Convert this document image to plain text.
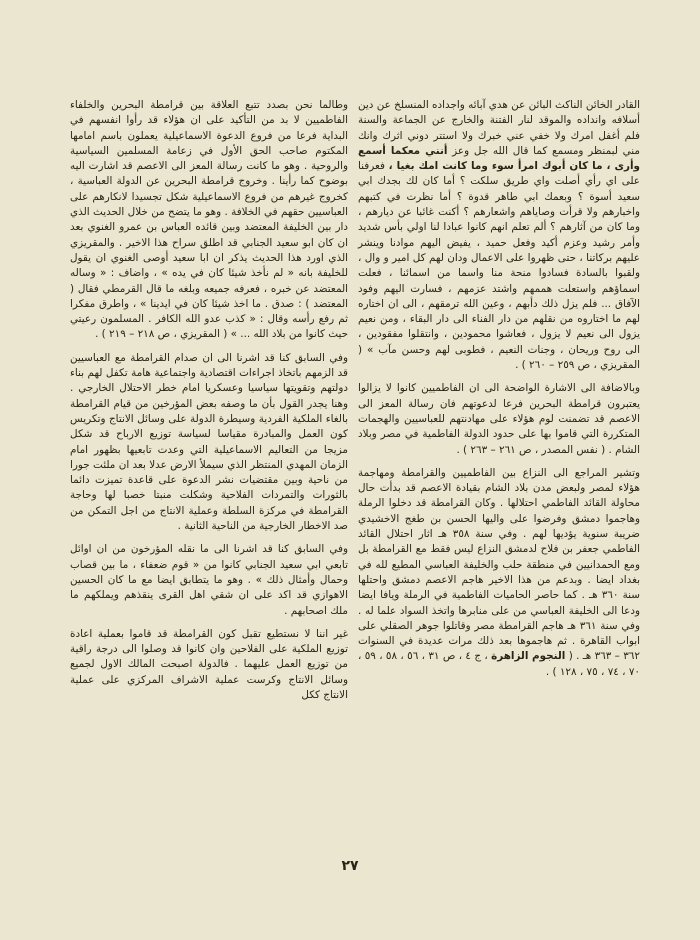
القادر الخائن الناكث البائن عن هدي آبائه واجداده المنسلخ عن دين أسلافه وانداده والموقد لنار الفتنة والخارج عن الجماعة والسنة فلم أغفل امرك ولا خفي عني خبرك ولا استتر دوني اثرك وانك مني لبمنظر ومسمع كما قال الله جل وعز أنني معكما أسمع وأرى ، ما كان أبوك امرأ سوء وما كانت امك بغيا ، فعرفنا على اي رأي أصلت واي طريق سلكت ؟ أما كان لك بجدك ابي سعيد أسوة ؟ وبعمك ابي طاهر قدوة ؟ أما نظرت في كتبهم واخبارهم ولا قرأت وصاياهم واشعارهم ؟ أكنت غائبا عن ديارهم ، وما كان من آثارهم ؟ ألم تعلم انهم كانوا عبادا لنا اولي بأس شديد وأمر رشيد وعزم أكيد وفعل حميد ، يفيض اليهم موادنا وينشر عليهم بركاتنا ، حتى ظهروا على الاعمال ودان لهم كل امير و وال ، ولقبوا بالسادة فسادوا منحة منا واسما من اسمائنا ، فعلت اسماؤهم واستعلت هممهم واشتد عزمهم ، فسارت اليهم وفود الآفاق ... فلم يزل ذلك دأبهم ، وعين الله ترمقهم ، الى ان اختاره لهم ما اختاروه من نقلهم من دار الفناء الى دار البقاء ، ومن نعيم يزول الى نعيم لا يزول ، فعاشوا محمودين ، وانتقلوا مفقودين ، الى روح وريحان ، وجنات النعيم ، فطوبى لهم وحسن مآب » ( المقريزي ، ص ٢٥٩ – ٢٦٠ ) .

وبالاضافة الى الاشارة الواضحة الى ان الفاطميين كانوا لا يزالوا يعتبرون قرامطة البحرين فرعا لدعوتهم فان رسالة المعز الى الاعصم قد تضمنت لوم هؤلاء على مهادنتهم للعباسيين والهجمات المتكررة التي قاموا بها على حدود الدولة الفاطمية في مصر وبلاد الشام . ( نفس المصدر ، ص ٢٦١ – ٢٦٣ ) .

وتشير المراجع الى النزاع بين الفاطميين والقرامطة ومهاجمة هؤلاء لمصر ولبعض مدن بلاد الشام بقيادة الاعصم قد بدأت حال محاولة القائد الفاطمي احتلالها . وكان القرامطة قد دخلوا الرملة وهاجموا دمشق وفرضوا على واليها الحسن بن طغج الاخشيدي ضريبة سنوية يؤديها لهم . وفي سنة ٣٥٨ هـ اثار احتلال القائد الفاطمي جعفر بن فلاح لدمشق النزاع ليس فقط مع القرامطة بل ومع الحمدانيين في منطقة حلب والخليفة العباسي المطيع لله في بغداد ايضا . وبدعم من هذا الاخير هاجم الاعصم دمشق واحتلها سنة ٣٦٠ هـ . كما حاصر الحاميات الفاطمية في الرملة ويافا ايضا ودعا الى الخليفة العباسي من على منابرها واتخذ السواد علما له . وفي سنة ٣٦١ هـ هاجم القرامطة مصر وقاتلوا جوهر الصقلي على ابواب القاهرة . ثم هاجموها بعد ذلك مرات عديدة في السنوات ٣٦٢ – ٣٦٣ هـ . ( النجوم الزاهرة ، ج ٤ ، ص ٣١ ، ٥٦ ، ٥٨ ، ٥٩ ، ٧٠ ، ٧٤ ، ٧٥ ، ١٢٨ ) .

وطالما نحن بصدد تتبع العلاقة بين قرامطة البحرين والخلفاء الفاطميين لا بد من التأكيد على ان هؤلاء قد رأوا انفسهم في البداية فرعا من فروع الدعوة الاسماعيلية يعملون باسم امامها المكتوم صاحب الحق الأول في زعامة المسلمين السياسية والروحية . وهو ما كانت رسالة المعز الى الاعصم قد اشارت اليه بوضوح كما رأينا . وخروج قرامطة البحرين عن الدولة العباسية ، كخروج غيرهم من فروع الاسماعيلية شكل تجسيدا لانكارهم على العباسيين حقهم في الخلافة . وهو ما يتضح من خلال الحديث الذي دار بين الخليفة المعتضد وبين قائده العباس بن عمرو الغنوي بعد ان كان ابو سعيد الجنابي قد اطلق سراح هذا الاخير . والمقريزي الذي اورد هذا الحديث يذكر ان ابا سعيد أوصى الغنوي ان يقول للخليفة بانه « لم نأخذ شيئا كان في يده » ، واضاف : « وساله المعتضد عن خبره ، فعرفه جميعه وبلغه ما قال القرمطي فقال ( المعتضد ) : صدق . ما اخذ شيئا كان في ايدينا » ، واطرق مفكرا ثم رفع رأسه وقال : « كذب عدو الله الكافر . المسلمون رعيتي حيث كانوا من بلاد الله ... » ( المقريزي ، ص ٢١٨ – ٢١٩ ) .

وفي السابق كنا قد اشرنا الى ان صدام القرامطة مع العباسيين قد الزمهم باتخاذ اجراءات اقتصادية واجتماعية هامة تكفل لهم بناء دولتهم وتقويتها سياسيا وعسكريا امام خطر الاحتلال الخارجي . وهنا يجدر القول بأن ما وصفه بعض المؤرخين من قيام القرامطة بالغاء الملكية الفردية وسيطرة الدولة على وسائل الانتاج وتكريس كون العمل والمبادرة مقياسا لسياسة توزيع الارباح قد شكل مزيجا من التعاليم الاسماعيلية التي وعدت تابعيها بظهور امام الزمان المهدي المنتظر الذي سيملأ الارض عدلا بعد ان ملئت جورا من ناحية وبين مقتضيات نشر الدعوة على قاعدة تميزت دائما بالثورات والتمردات الفلاحية وشكلت منبتا خصبا لها وحاجة القرامطة في مركزة السلطة وعملية الانتاج من اجل التمكن من صد الاخطار الخارجية من الناحية الثانية .

وفي السابق كنا قد اشرنا الى ما نقله المؤرخون من ان اوائل تابعي ابي سعيد الجنابي كانوا من « قوم ضعفاء ، ما بين قصاب وحمال وأمثال ذلك » . وهو ما يتطابق ايضا مع ما كان الحسين الاهوازي قد اكد على ان شقي اهل القرى ينقذهم ويملكهم ما ملك اصحابهم .

غير اننا لا نستطيع تقبل كون القرامطة قد قاموا بعملية اعادة توزيع الملكية على الفلاحين وان كانوا قد وصلوا الى درجة راقية من توزيع العمل عليهما . فالدولة اصبحت المالك الاول لجميع وسائل الانتاج وكرست عملية الاشراف المركزي على عملية الانتاج ككل

٢٧
